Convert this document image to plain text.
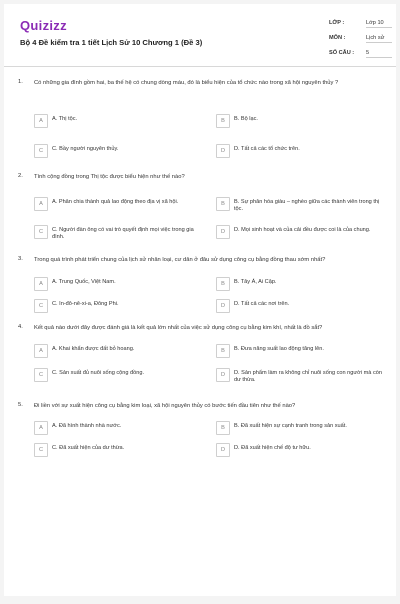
Quizizz
Bộ 4 Đề kiểm tra 1 tiết Lịch Sử 10 Chương 1 (Đề 3)
LỚP :	Lớp 10
MÔN :	Lịch sử
SỐ CÂU : 5
1. Có những gia đình gồm hai, ba thế hệ có chung dòng máu, đó là biểu hiện của tổ chức nào trong xã hội nguyên thủy ?
A	A. Thị tộc.	B	B. Bộ lạc.
C	C. Bầy người nguyên thủy.	D	D. Tất cả các tổ chức trên.
2. Tính cộng đồng trong Thị tộc được biểu hiện như thế nào?
A	A. Phân chia thành quả lao động theo địa vị xã hội.	B	B. Sự phân hóa giàu – nghèo giữa các thành viên trong thị tộc.
C	C. Người đàn ông có vai trò quyết định mọi việc trong gia đình.
D	D. Mọi sinh hoạt và của cải đều được coi là của chung.
3. Trong quá trình phát triển chung của lịch sử nhân loại, cư dân ở đâu sử dụng công cụ bằng đồng thau sớm nhất?
A	A. Trung Quốc, Việt Nam.	B	B. Tây Á, Ai Cập.
C	C. In-đô-nê-xi-a, Đông Phi.	D	D. Tất cả các nơi trên.
4. Kết quả nào dưới đây được đánh giá là kết quả lớn nhất của việc sử dụng công cụ bằng kim khí, nhất là đồ sắt?
A	A. Khai khẩn được đất bỏ hoang.	B	B. Đưa năng suất lao động tăng lên.
C	C. Sản xuất đủ nuôi sống cộng đồng.	D	D. Sản phẩm làm ra không chỉ nuôi sống con người mà còn dư thừa.
5. Đi liền với sự xuất hiện công cụ bằng kim loại, xã hội nguyên thủy có bước tiến đầu tiên như thế nào?
A	A. Đã hình thành nhà nước.	B	B. Đã xuất hiện sự cạnh tranh trong sản xuất.
C	C. Đã xuất hiện của dư thừa.	D	D. Đã xuất hiện chế độ tư hữu.
